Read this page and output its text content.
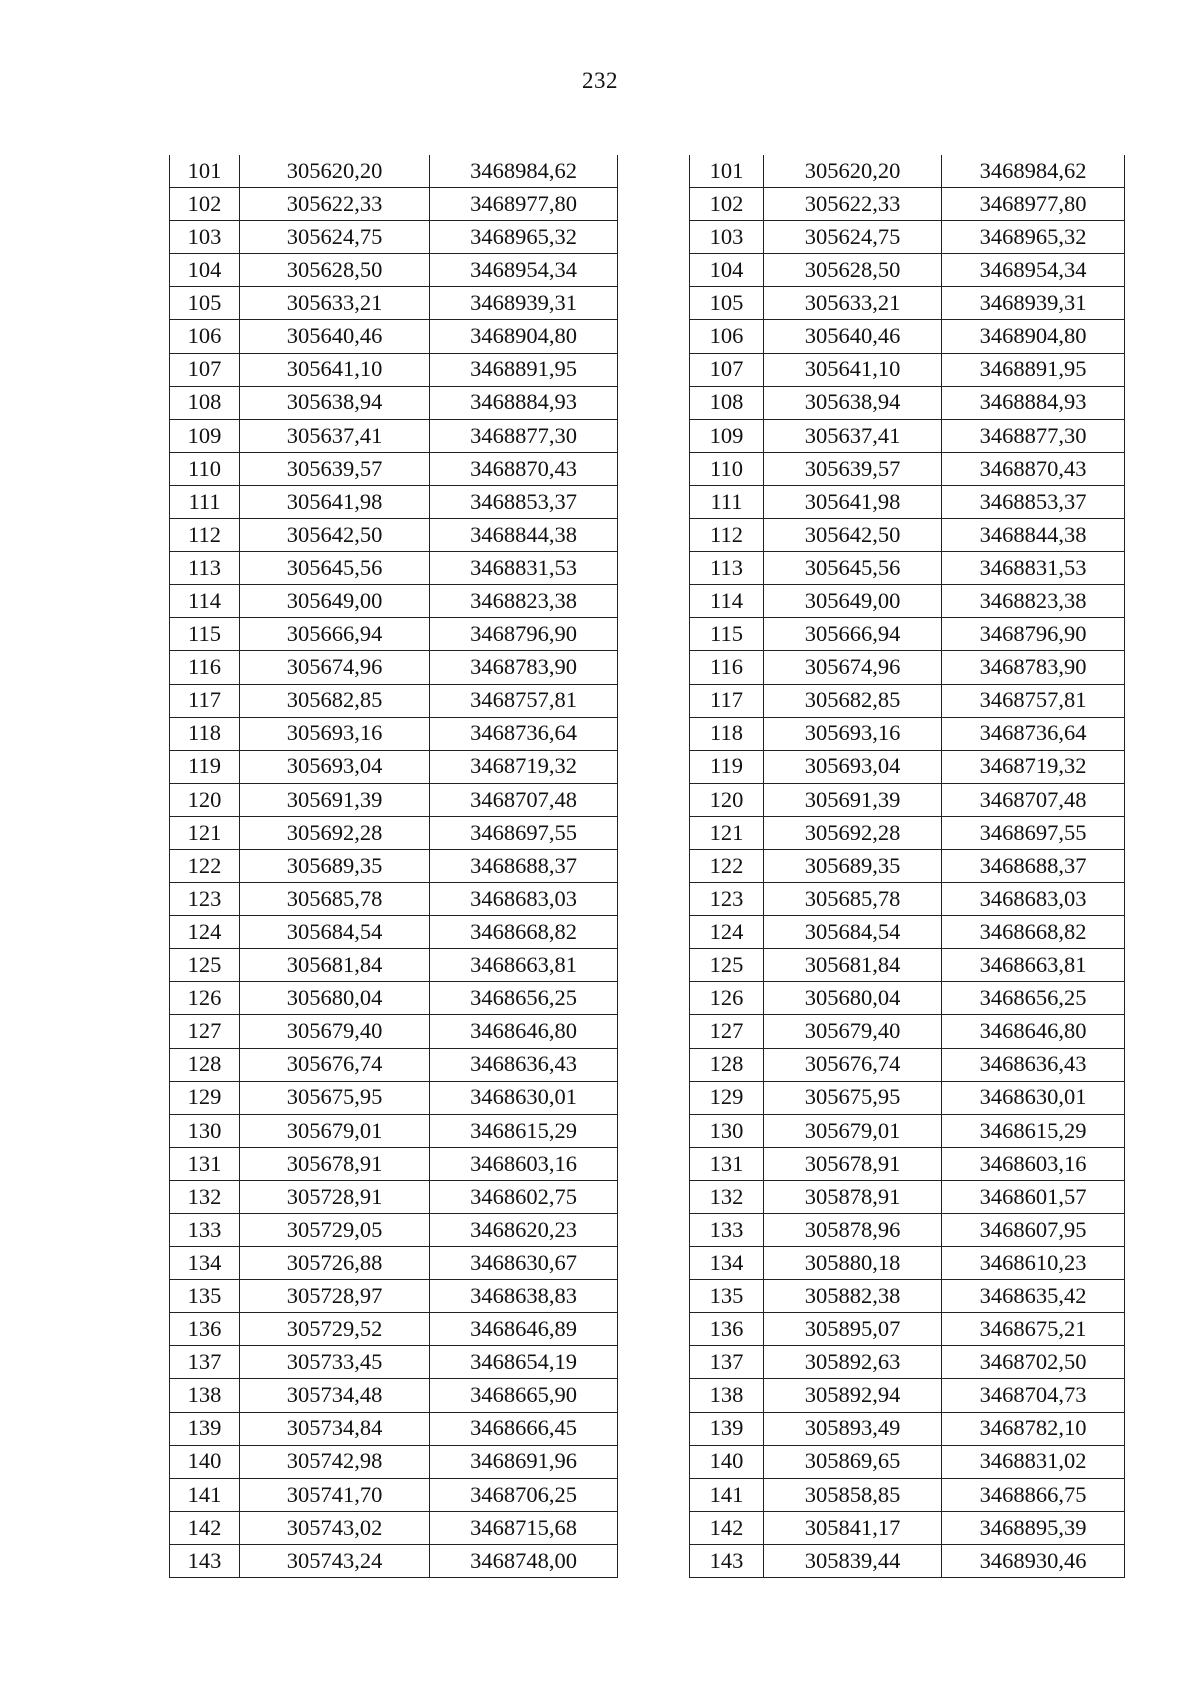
232
101	305620,20	3468984,62
102	305622,33	3468977,80
103	305624,75	3468965,32
104	305628,50	3468954,34
105	305633,21	3468939,31
106	305640,46	3468904,80
107	305641,10	3468891,95
108	305638,94	3468884,93
109	305637,41	3468877,30
110	305639,57	3468870,43
111	305641,98	3468853,37
112	305642,50	3468844,38
113	305645,56	3468831,53
114	305649,00	3468823,38
115	305666,94	3468796,90
116	305674,96	3468783,90
117	305682,85	3468757,81
118	305693,16	3468736,64
119	305693,04	3468719,32
120	305691,39	3468707,48
121	305692,28	3468697,55
122	305689,35	3468688,37
123	305685,78	3468683,03
124	305684,54	3468668,82
125	305681,84	3468663,81
126	305680,04	3468656,25
127	305679,40	3468646,80
128	305676,74	3468636,43
129	305675,95	3468630,01
130	305679,01	3468615,29
131	305678,91	3468603,16
132	305728,91	3468602,75
133	305729,05	3468620,23
134	305726,88	3468630,67
135	305728,97	3468638,83
136	305729,52	3468646,89
137	305733,45	3468654,19
138	305734,48	3468665,90
139	305734,84	3468666,45
140	305742,98	3468691,96
141	305741,70	3468706,25
142	305743,02	3468715,68
143	305743,24	3468748,00
101	305620,20	3468984,62
102	305622,33	3468977,80
103	305624,75	3468965,32
104	305628,50	3468954,34
105	305633,21	3468939,31
106	305640,46	3468904,80
107	305641,10	3468891,95
108	305638,94	3468884,93
109	305637,41	3468877,30
110	305639,57	3468870,43
111	305641,98	3468853,37
112	305642,50	3468844,38
113	305645,56	3468831,53
114	305649,00	3468823,38
115	305666,94	3468796,90
116	305674,96	3468783,90
117	305682,85	3468757,81
118	305693,16	3468736,64
119	305693,04	3468719,32
120	305691,39	3468707,48
121	305692,28	3468697,55
122	305689,35	3468688,37
123	305685,78	3468683,03
124	305684,54	3468668,82
125	305681,84	3468663,81
126	305680,04	3468656,25
127	305679,40	3468646,80
128	305676,74	3468636,43
129	305675,95	3468630,01
130	305679,01	3468615,29
131	305678,91	3468603,16
132	305878,91	3468601,57
133	305878,96	3468607,95
134	305880,18	3468610,23
135	305882,38	3468635,42
136	305895,07	3468675,21
137	305892,63	3468702,50
138	305892,94	3468704,73
139	305893,49	3468782,10
140	305869,65	3468831,02
141	305858,85	3468866,75
142	305841,17	3468895,39
143	305839,44	3468930,46
